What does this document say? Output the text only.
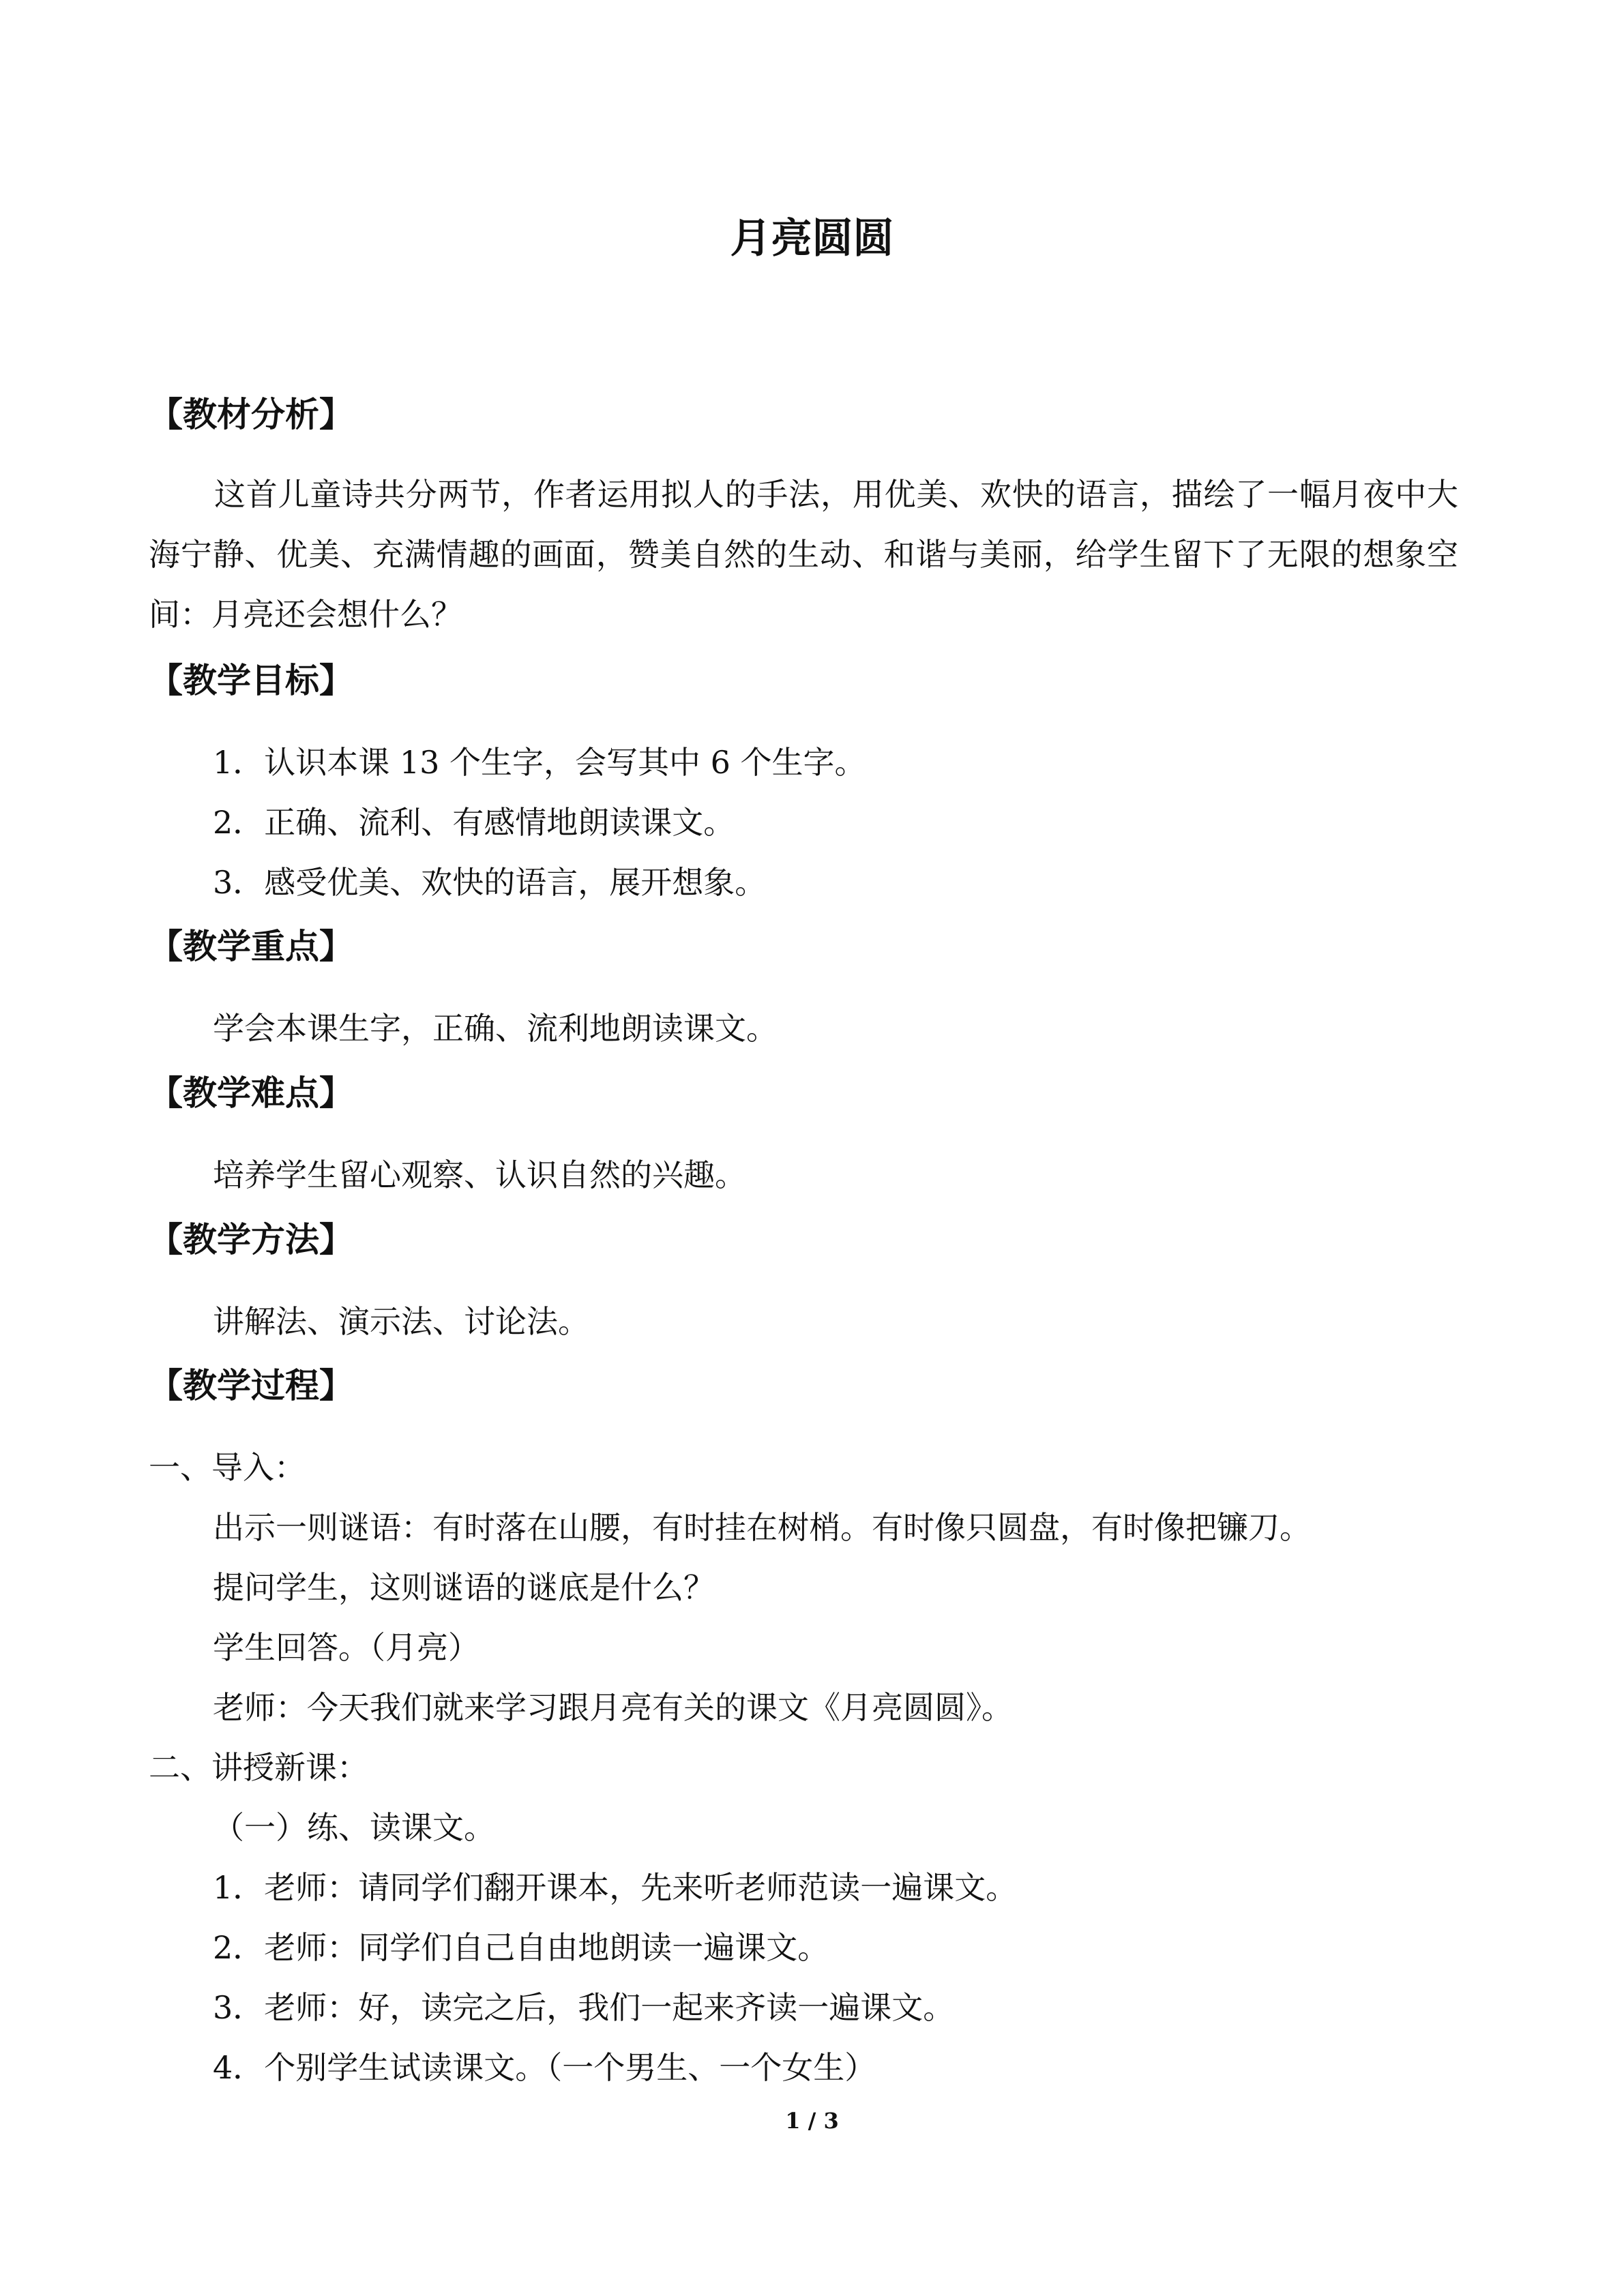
月亮圆圆
【教材分析】
这首儿童诗共分两节，作者运用拟人的手法，用优美、欢快的语言，描绘了一幅月夜中大海宁静、优美、充满情趣的画面，赞美自然的生动、和谐与美丽，给学生留下了无限的想象空间：月亮还会想什么？
【教学目标】
1．认识本课 13 个生字，会写其中 6 个生字。
2．正确、流利、有感情地朗读课文。
3．感受优美、欢快的语言，展开想象。
【教学重点】
学会本课生字，正确、流利地朗读课文。
【教学难点】
培养学生留心观察、认识自然的兴趣。
【教学方法】
讲解法、演示法、讨论法。
【教学过程】
一、导入：
出示一则谜语：有时落在山腰，有时挂在树梢。有时像只圆盘，有时像把镰刀。
提问学生，这则谜语的谜底是什么？
学生回答。（月亮）
老师：今天我们就来学习跟月亮有关的课文《月亮圆圆》。
二、讲授新课：
（一）练、读课文。
1．老师：请同学们翻开课本，先来听老师范读一遍课文。
2．老师：同学们自己自由地朗读一遍课文。
3．老师：好，读完之后，我们一起来齐读一遍课文。
4．个别学生试读课文。（一个男生、一个女生）
1 / 3
